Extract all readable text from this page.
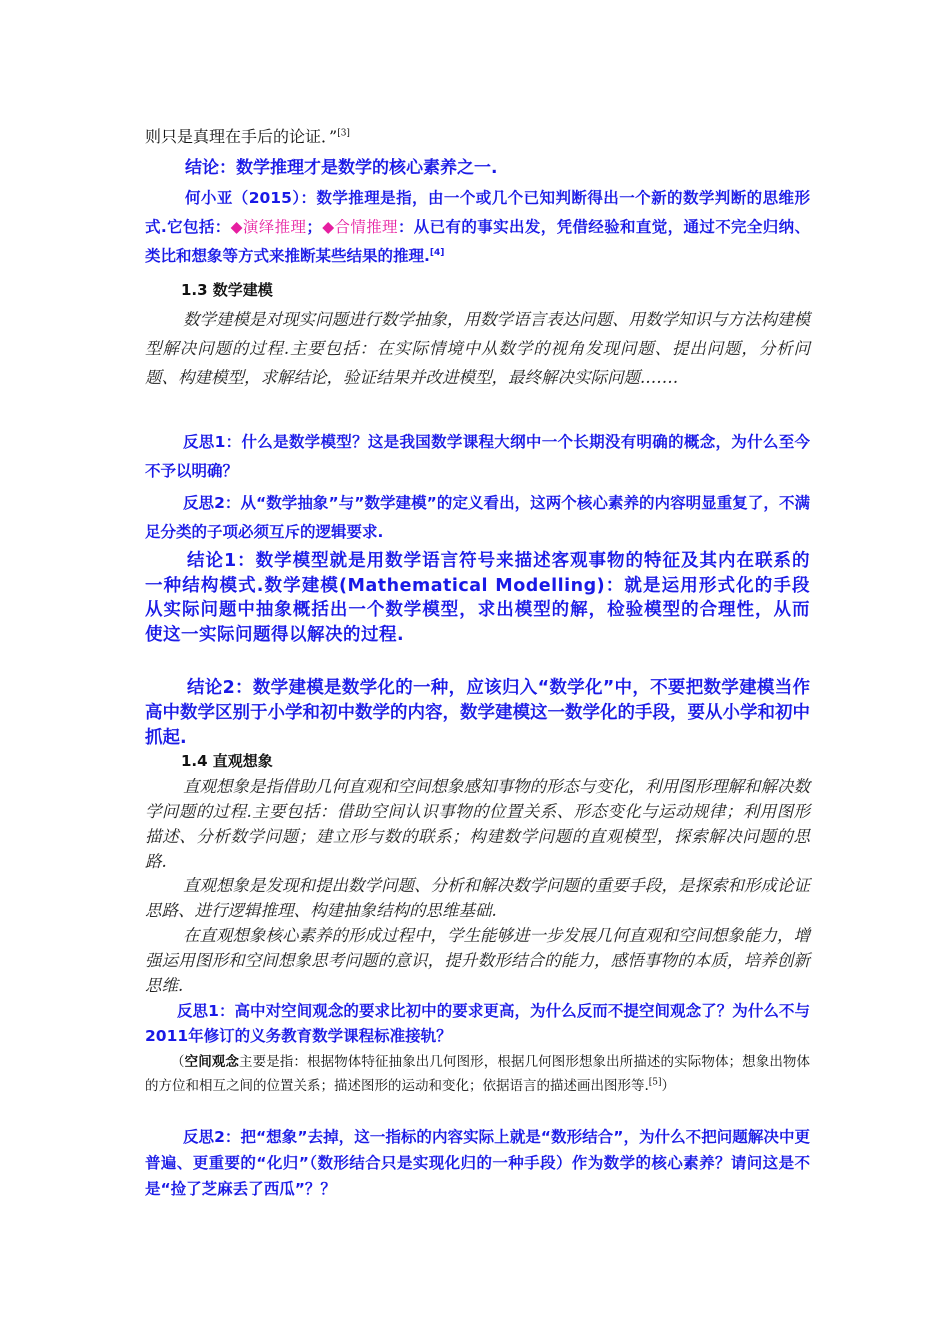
则只是真理在手后的论证．”[3]

结论：数学推理才是数学的核心素养之一.

何小亚（2015）：数学推理是指，由一个或几个已知判断得出一个新的数学判断的思维形式.它包括：◆演绎推理；◆合情推理：从已有的事实出发，凭借经验和直觉，通过不完全归纳、类比和想象等方式来推断某些结果的推理.[4]

1.3 数学建模

数学建模是对现实问题进行数学抽象，用数学语言表达问题、用数学知识与方法构建模型解决问题的过程.主要包括：在实际情境中从数学的视角发现问题、提出问题，分析问题、构建模型，求解结论，验证结果并改进模型，最终解决实际问题.……

反思1：什么是数学模型？这是我国数学课程大纲中一个长期没有明确的概念，为什么至今不予以明确？

反思2：从“数学抽象”与”数学建模”的定义看出，这两个核心素养的内容明显重复了，不满足分类的子项必须互斥的逻辑要求.

结论1：数学模型就是用数学语言符号来描述客观事物的特征及其内在联系的一种结构模式.数学建模(Mathematical Modelling)：就是运用形式化的手段从实际问题中抽象概括出一个数学模型，求出模型的解，检验模型的合理性，从而使这一实际问题得以解决的过程.

结论2：数学建模是数学化的一种，应该归入“数学化”中，不要把数学建模当作高中数学区别于小学和初中数学的内容，数学建模这一数学化的手段，要从小学和初中抓起.

1.4 直观想象

直观想象是指借助几何直观和空间想象感知事物的形态与变化，利用图形理解和解决数学问题的过程.主要包括：借助空间认识事物的位置关系、形态变化与运动规律；利用图形描述、分析数学问题；建立形与数的联系；构建数学问题的直观模型，探索解决问题的思路.

直观想象是发现和提出数学问题、分析和解决数学问题的重要手段，是探索和形成论证思路、进行逻辑推理、构建抽象结构的思维基础.

在直观想象核心素养的形成过程中，学生能够进一步发展几何直观和空间想象能力，增强运用图形和空间想象思考问题的意识，提升数形结合的能力，感悟事物的本质，培养创新思维.

反思1：高中对空间观念的要求比初中的要求更高，为什么反而不提空间观念了？为什么不与2011年修订的义务教育数学课程标准接轨？

（空间观念主要是指：根据物体特征抽象出几何图形，根据几何图形想象出所描述的实际物体；想象出物体的方位和相互之间的位置关系；描述图形的运动和变化；依据语言的描述画出图形等.[5]）

反思2：把“想象”去掉，这一指标的内容实际上就是“数形结合”，为什么不把问题解决中更普遍、更重要的“化归”（数形结合只是实现化归的一种手段）作为数学的核心素养？请问这是不是“捡了芝麻丢了西瓜”？？
